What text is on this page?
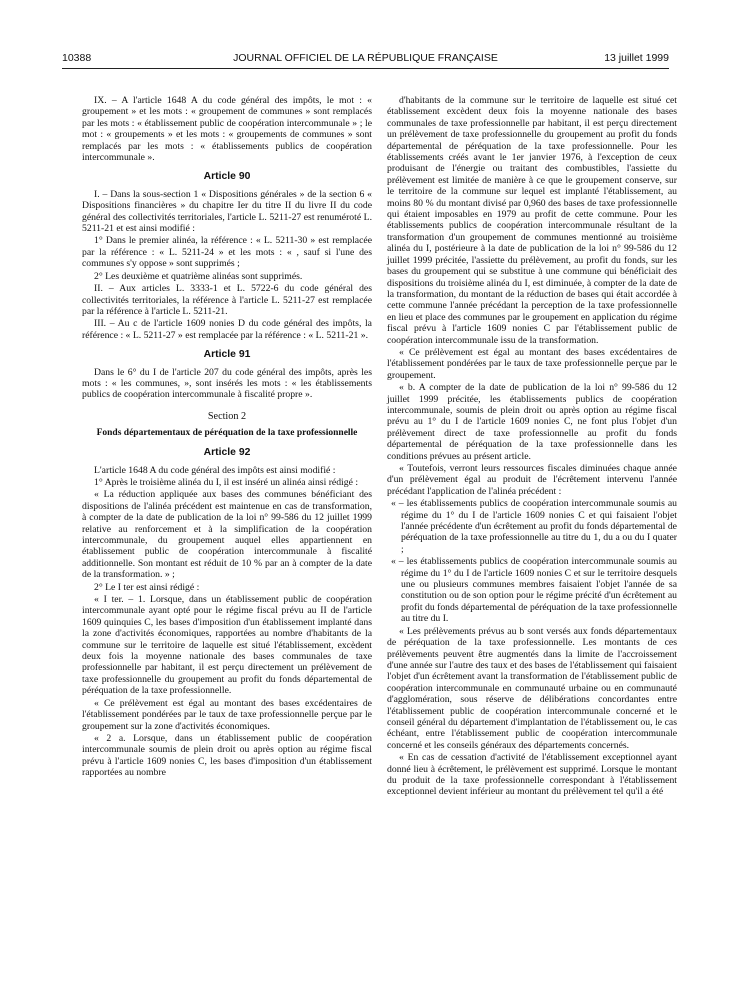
10388	JOURNAL OFFICIEL DE LA RÉPUBLIQUE FRANÇAISE	13 juillet 1999

IX. – A l'article 1648 A du code général des impôts, le mot : « groupement » et les mots : « groupement de communes » sont remplacés par les mots : « établissement public de coopération intercommunale » ; le mot : « groupements » et les mots : « groupements de communes » sont remplacés par les mots : « établissements publics de coopération intercommunale ».

Article 90

I. – Dans la sous-section 1 « Dispositions générales » de la section 6 « Dispositions financières » du chapitre Ier du titre II du livre II du code général des collectivités territoriales, l'article L. 5211-27 est renuméroté L. 5211-21 et est ainsi modifié :

1° Dans le premier alinéa, la référence : « L. 5211-30 » est remplacée par la référence : « L. 5211-24 » et les mots : « , sauf si l'une des communes s'y oppose » sont supprimés ;

2° Les deuxième et quatrième alinéas sont supprimés.

II. – Aux articles L. 3333-1 et L. 5722-6 du code général des collectivités territoriales, la référence à l'article L. 5211-27 est remplacée par la référence à l'article L. 5211-21.

III. – Au c de l'article 1609 nonies D du code général des impôts, la référence : « L. 5211-27 » est remplacée par la référence : « L. 5211-21 ».

Article 91

Dans le 6° du I de l'article 207 du code général des impôts, après les mots : « les communes, », sont insérés les mots : « les établissements publics de coopération intercommunale à fiscalité propre ».

Section 2
Fonds départementaux de péréquation de la taxe professionnelle
Article 92

L'article 1648 A du code général des impôts est ainsi modifié :

1° Après le troisième alinéa du I, il est inséré un alinéa ainsi rédigé :

« La réduction appliquée aux bases des communes bénéficiant des dispositions de l'alinéa précédent est maintenue en cas de transformation, à compter de la date de publication de la loi n° 99-586 du 12 juillet 1999 relative au renforcement et à la simplification de la coopération intercommunale, du groupement auquel elles appartiennent en établissement public de coopération intercommunale à fiscalité additionnelle. Son montant est réduit de 10 % par an à compter de la date de la transformation. » ;

2° Le I ter est ainsi rédigé :

« I ter. – 1. Lorsque, dans un établissement public de coopération intercommunale ayant opté pour le régime fiscal prévu au II de l'article 1609 quinquies C, les bases d'imposition d'un établissement implanté dans la zone d'activités économiques, rapportées au nombre d'habitants de la commune sur le territoire de laquelle est situé l'établissement, excèdent deux fois la moyenne nationale des bases communales de taxe professionnelle par habitant, il est perçu directement un prélèvement de taxe professionnelle du groupement au profit du fonds départemental de péréquation de la taxe professionnelle.

« Ce prélèvement est égal au montant des bases excédentaires de l'établissement pondérées par le taux de taxe professionnelle perçue par le groupement sur la zone d'activités économiques.

« 2 a. Lorsque, dans un établissement public de coopération intercommunale soumis de plein droit ou après option au régime fiscal prévu à l'article 1609 nonies C, les bases d'imposition d'un établissement rapportées au nombre

d'habitants de la commune sur le territoire de laquelle est situé cet établissement excèdent deux fois la moyenne nationale des bases communales de taxe professionnelle par habitant, il est perçu directement un prélèvement de taxe professionnelle du groupement au profit du fonds départemental de péréquation de la taxe professionnelle. Pour les établissements créés avant le 1er janvier 1976, à l'exception de ceux produisant de l'énergie ou traitant des combustibles, l'assiette du prélèvement est limitée de manière à ce que le groupement conserve, sur le territoire de la commune sur lequel est implanté l'établissement, au moins 80 % du montant divisé par 0,960 des bases de taxe professionnelle qui étaient imposables en 1979 au profit de cette commune. Pour les établissements publics de coopération intercommunale résultant de la transformation d'un groupement de communes mentionné au troisième alinéa du I, postérieure à la date de publication de la loi n° 99-586 du 12 juillet 1999 précitée, l'assiette du prélèvement, au profit du fonds, sur les bases du groupement qui se substitue à une commune qui bénéficiait des dispositions du troisième alinéa du I, est diminuée, à compter de la date de la transformation, du montant de la réduction de bases qui était accordée à cette commune l'année précédant la perception de la taxe professionnelle en lieu et place des communes par le groupement en application du régime fiscal prévu à l'article 1609 nonies C par l'établissement public de coopération intercommunale issu de la transformation.

« Ce prélèvement est égal au montant des bases excédentaires de l'établissement pondérées par le taux de taxe professionnelle perçue par le groupement.

« b. A compter de la date de publication de la loi n° 99-586 du 12 juillet 1999 précitée, les établissements publics de coopération intercommunale, soumis de plein droit ou après option au régime fiscal prévu au 1° du I de l'article 1609 nonies C, ne font plus l'objet d'un prélèvement direct de taxe professionnelle au profit du fonds départemental de péréquation de la taxe professionnelle dans les conditions prévues au présent article.

« Toutefois, verront leurs ressources fiscales diminuées chaque année d'un prélèvement égal au produit de l'écrêtement intervenu l'année précédant l'application de l'alinéa précédent :

« – les établissements publics de coopération intercommunale soumis au régime du 1° du I de l'article 1609 nonies C et qui faisaient l'objet l'année précédente d'un écrêtement au profit du fonds départemental de péréquation de la taxe professionnelle au titre du 1, du a ou du I quater ;

« – les établissements publics de coopération intercommunale soumis au régime du 1° du I de l'article 1609 nonies C et sur le territoire desquels une ou plusieurs communes membres faisaient l'objet l'année de sa constitution ou de son option pour le régime précité d'un écrêtement au profit du fonds départemental de péréquation de la taxe professionnelle au titre du I.

« Les prélèvements prévus au b sont versés aux fonds départementaux de péréquation de la taxe professionnelle. Les montants de ces prélèvements peuvent être augmentés dans la limite de l'accroissement d'une année sur l'autre des taux et des bases de l'établissement qui faisaient l'objet d'un écrêtement avant la transformation de l'établissement public de coopération intercommunale en communauté urbaine ou en communauté d'agglomération, sous réserve de délibérations concordantes entre l'établissement public de coopération intercommunale concerné et le conseil général du département d'implantation de l'établissement ou, le cas échéant, entre l'établissement public de coopération intercommunale concerné et les conseils généraux des départements concernés.

« En cas de cessation d'activité de l'établissement exceptionnel ayant donné lieu à écrêtement, le prélèvement est supprimé. Lorsque le montant du produit de la taxe professionnelle correspondant à l'établissement exceptionnel devient inférieur au montant du prélèvement tel qu'il a été
